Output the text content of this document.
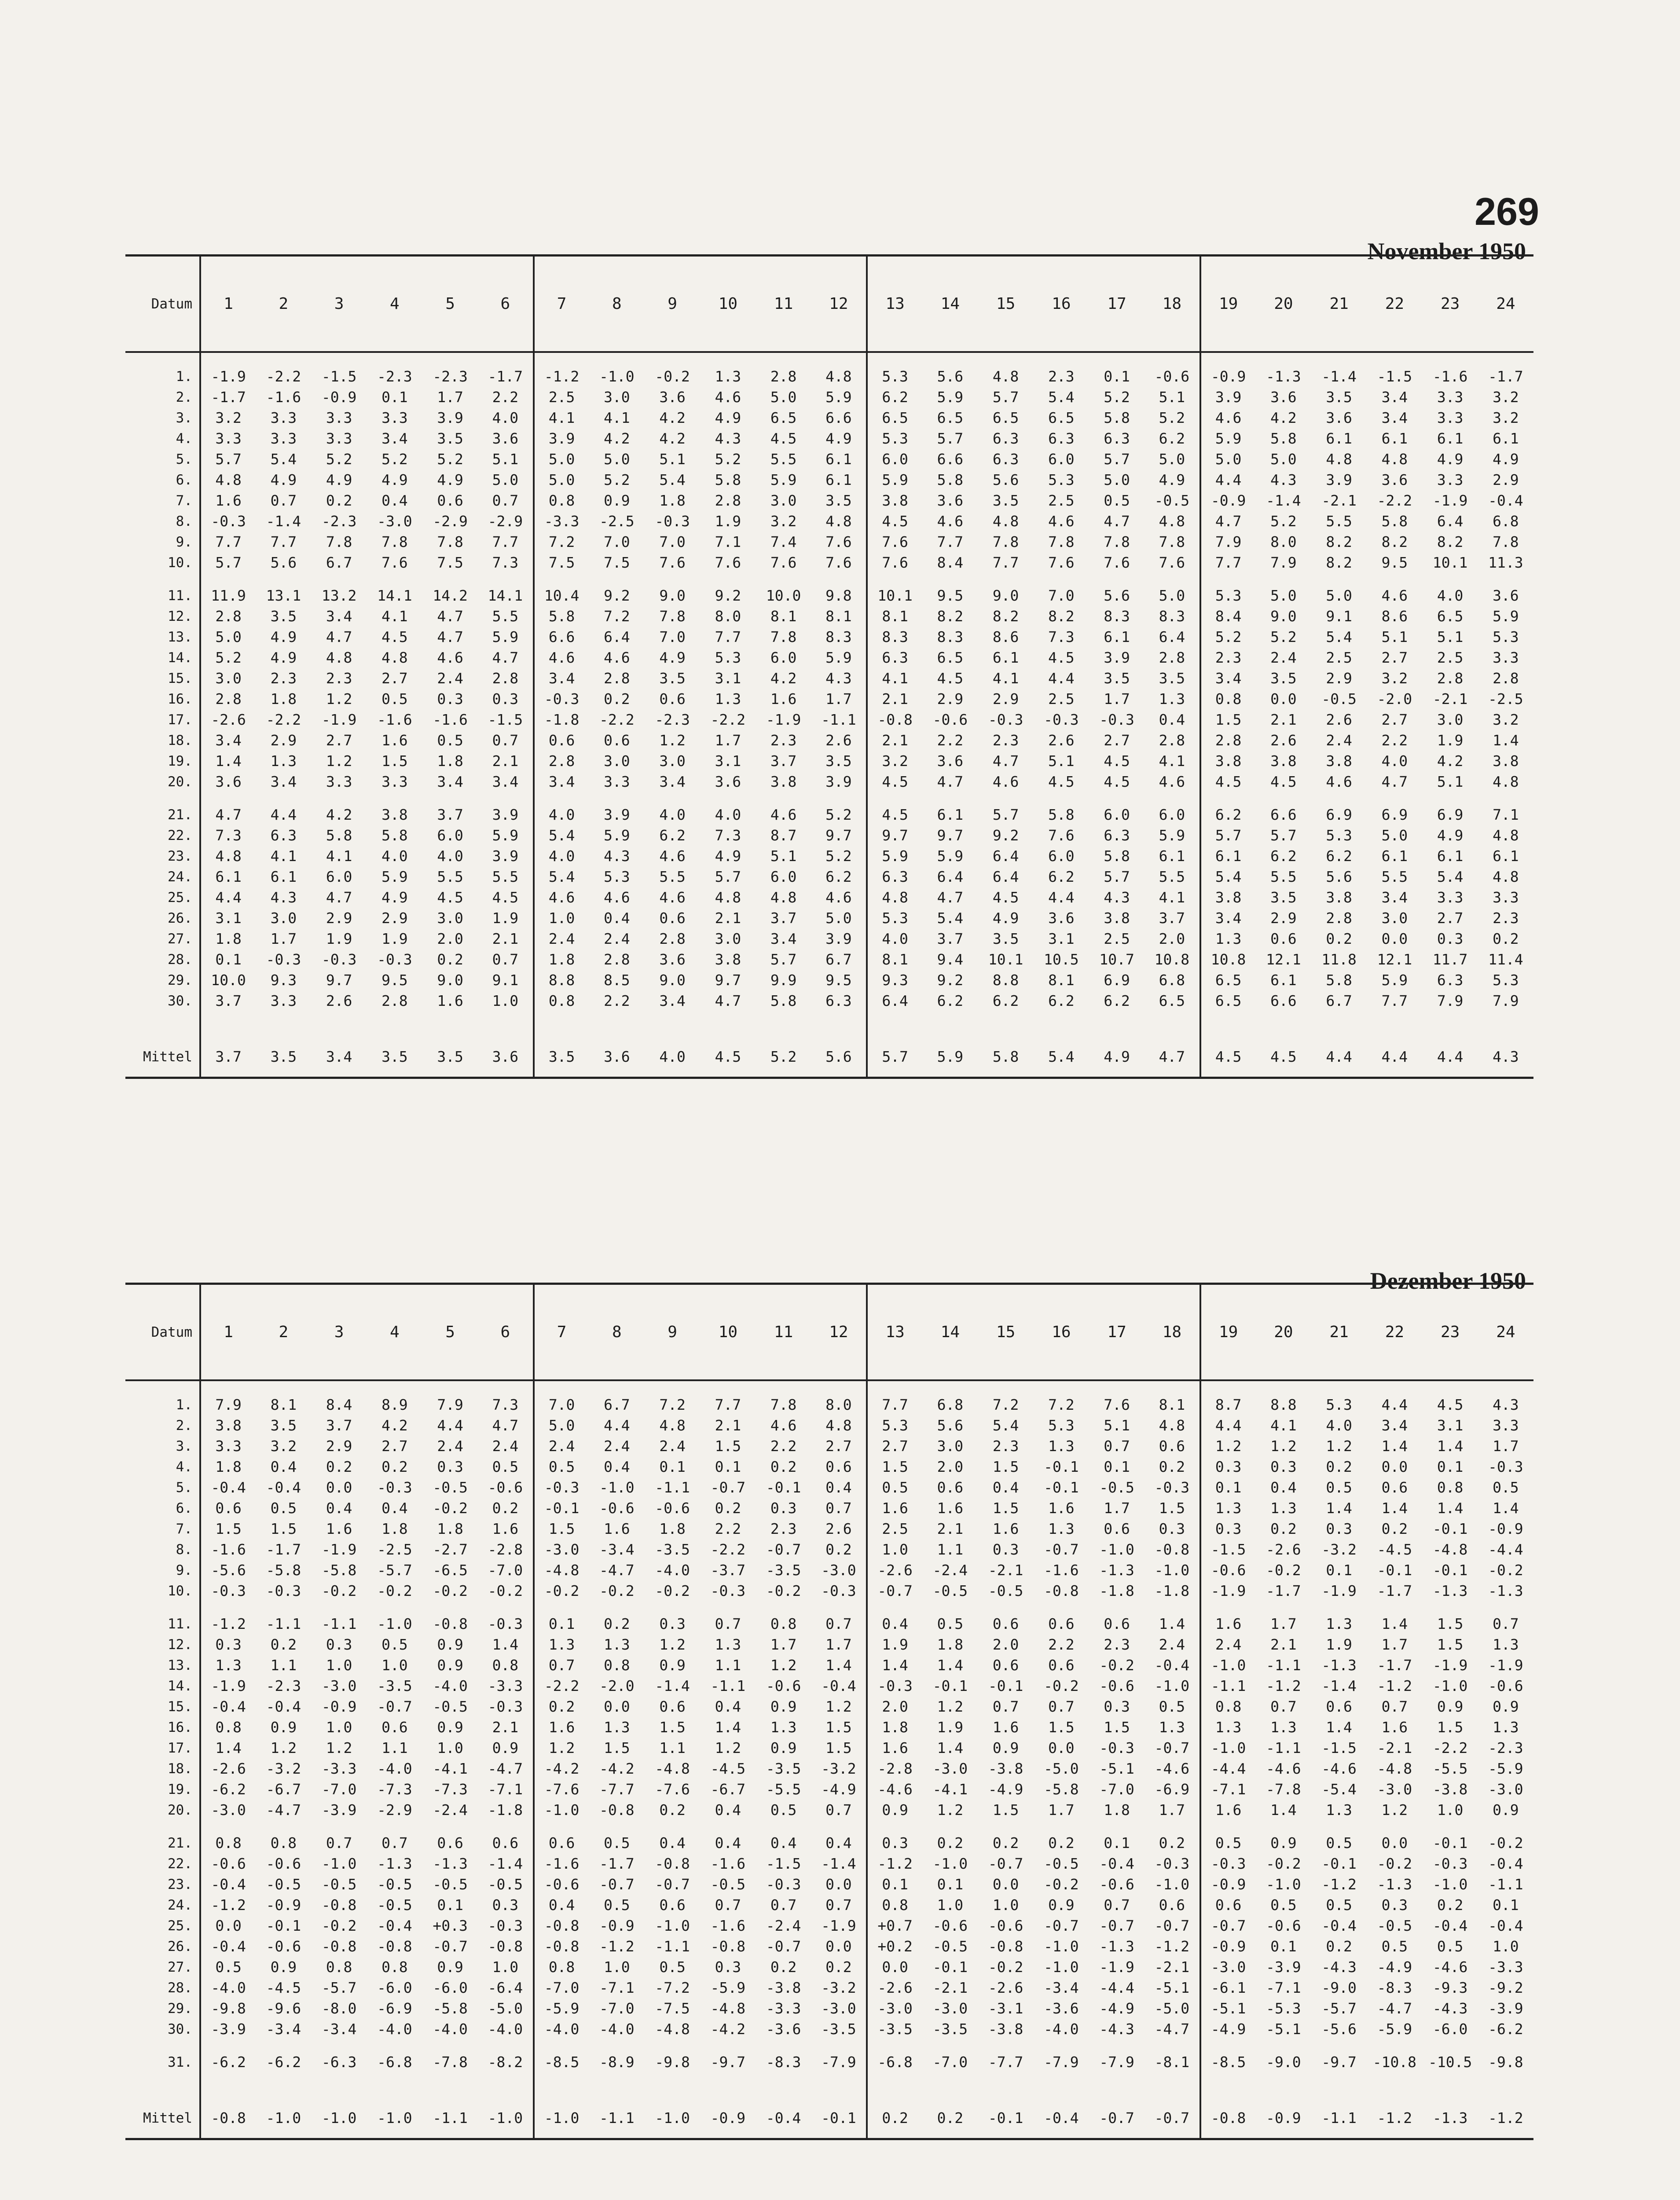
269
November 1950
Datum	1	2	3	4	5	6	7	8	9	10	11	12	13	14	15	16	17	18	19	20	21	22	23	24
1.	-1.9	-2.2	-1.5	-2.3	-2.3	-1.7	-1.2	-1.0	-0.2	1.3	2.8	4.8	5.3	5.6	4.8	2.3	0.1	-0.6	-0.9	-1.3	-1.4	-1.5	-1.6	-1.7
2.	-1.7	-1.6	-0.9	0.1	1.7	2.2	2.5	3.0	3.6	4.6	5.0	5.9	6.2	5.9	5.7	5.4	5.2	5.1	3.9	3.6	3.5	3.4	3.3	3.2
3.	3.2	3.3	3.3	3.3	3.9	4.0	4.1	4.1	4.2	4.9	6.5	6.6	6.5	6.5	6.5	6.5	5.8	5.2	4.6	4.2	3.6	3.4	3.3	3.2
4.	3.3	3.3	3.3	3.4	3.5	3.6	3.9	4.2	4.2	4.3	4.5	4.9	5.3	5.7	6.3	6.3	6.3	6.2	5.9	5.8	6.1	6.1	6.1	6.1
5.	5.7	5.4	5.2	5.2	5.2	5.1	5.0	5.0	5.1	5.2	5.5	6.1	6.0	6.6	6.3	6.0	5.7	5.0	5.0	5.0	4.8	4.8	4.9	4.9
6.	4.8	4.9	4.9	4.9	4.9	5.0	5.0	5.2	5.4	5.8	5.9	6.1	5.9	5.8	5.6	5.3	5.0	4.9	4.4	4.3	3.9	3.6	3.3	2.9
7.	1.6	0.7	0.2	0.4	0.6	0.7	0.8	0.9	1.8	2.8	3.0	3.5	3.8	3.6	3.5	2.5	0.5	-0.5	-0.9	-1.4	-2.1	-2.2	-1.9	-0.4
8.	-0.3	-1.4	-2.3	-3.0	-2.9	-2.9	-3.3	-2.5	-0.3	1.9	3.2	4.8	4.5	4.6	4.8	4.6	4.7	4.8	4.7	5.2	5.5	5.8	6.4	6.8
9.	7.7	7.7	7.8	7.8	7.8	7.7	7.2	7.0	7.0	7.1	7.4	7.6	7.6	7.7	7.8	7.8	7.8	7.8	7.9	8.0	8.2	8.2	8.2	7.8
10.	5.7	5.6	6.7	7.6	7.5	7.3	7.5	7.5	7.6	7.6	7.6	7.6	7.6	8.4	7.7	7.6	7.6	7.6	7.7	7.9	8.2	9.5	10.1	11.3
11.	11.9	13.1	13.2	14.1	14.2	14.1	10.4	9.2	9.0	9.2	10.0	9.8	10.1	9.5	9.0	7.0	5.6	5.0	5.3	5.0	5.0	4.6	4.0	3.6
12.	2.8	3.5	3.4	4.1	4.7	5.5	5.8	7.2	7.8	8.0	8.1	8.1	8.1	8.2	8.2	8.2	8.3	8.3	8.4	9.0	9.1	8.6	6.5	5.9
13.	5.0	4.9	4.7	4.5	4.7	5.9	6.6	6.4	7.0	7.7	7.8	8.3	8.3	8.3	8.6	7.3	6.1	6.4	5.2	5.2	5.4	5.1	5.1	5.3
14.	5.2	4.9	4.8	4.8	4.6	4.7	4.6	4.6	4.9	5.3	6.0	5.9	6.3	6.5	6.1	4.5	3.9	2.8	2.3	2.4	2.5	2.7	2.5	3.3
15.	3.0	2.3	2.3	2.7	2.4	2.8	3.4	2.8	3.5	3.1	4.2	4.3	4.1	4.5	4.1	4.4	3.5	3.5	3.4	3.5	2.9	3.2	2.8	2.8
16.	2.8	1.8	1.2	0.5	0.3	0.3	-0.3	0.2	0.6	1.3	1.6	1.7	2.1	2.9	2.9	2.5	1.7	1.3	0.8	0.0	-0.5	-2.0	-2.1	-2.5
17.	-2.6	-2.2	-1.9	-1.6	-1.6	-1.5	-1.8	-2.2	-2.3	-2.2	-1.9	-1.1	-0.8	-0.6	-0.3	-0.3	-0.3	0.4	1.5	2.1	2.6	2.7	3.0	3.2
18.	3.4	2.9	2.7	1.6	0.5	0.7	0.6	0.6	1.2	1.7	2.3	2.6	2.1	2.2	2.3	2.6	2.7	2.8	2.8	2.6	2.4	2.2	1.9	1.4
19.	1.4	1.3	1.2	1.5	1.8	2.1	2.8	3.0	3.0	3.1	3.7	3.5	3.2	3.6	4.7	5.1	4.5	4.1	3.8	3.8	3.8	4.0	4.2	3.8
20.	3.6	3.4	3.3	3.3	3.4	3.4	3.4	3.3	3.4	3.6	3.8	3.9	4.5	4.7	4.6	4.5	4.5	4.6	4.5	4.5	4.6	4.7	5.1	4.8
21.	4.7	4.4	4.2	3.8	3.7	3.9	4.0	3.9	4.0	4.0	4.6	5.2	4.5	6.1	5.7	5.8	6.0	6.0	6.2	6.6	6.9	6.9	6.9	7.1
22.	7.3	6.3	5.8	5.8	6.0	5.9	5.4	5.9	6.2	7.3	8.7	9.7	9.7	9.7	9.2	7.6	6.3	5.9	5.7	5.7	5.3	5.0	4.9	4.8
23.	4.8	4.1	4.1	4.0	4.0	3.9	4.0	4.3	4.6	4.9	5.1	5.2	5.9	5.9	6.4	6.0	5.8	6.1	6.1	6.2	6.2	6.1	6.1	6.1
24.	6.1	6.1	6.0	5.9	5.5	5.5	5.4	5.3	5.5	5.7	6.0	6.2	6.3	6.4	6.4	6.2	5.7	5.5	5.4	5.5	5.6	5.5	5.4	4.8
25.	4.4	4.3	4.7	4.9	4.5	4.5	4.6	4.6	4.6	4.8	4.8	4.6	4.8	4.7	4.5	4.4	4.3	4.1	3.8	3.5	3.8	3.4	3.3	3.3
26.	3.1	3.0	2.9	2.9	3.0	1.9	1.0	0.4	0.6	2.1	3.7	5.0	5.3	5.4	4.9	3.6	3.8	3.7	3.4	2.9	2.8	3.0	2.7	2.3
27.	1.8	1.7	1.9	1.9	2.0	2.1	2.4	2.4	2.8	3.0	3.4	3.9	4.0	3.7	3.5	3.1	2.5	2.0	1.3	0.6	0.2	0.0	0.3	0.2
28.	0.1	-0.3	-0.3	-0.3	0.2	0.7	1.8	2.8	3.6	3.8	5.7	6.7	8.1	9.4	10.1	10.5	10.7	10.8	10.8	12.1	11.8	12.1	11.7	11.4
29.	10.0	9.3	9.7	9.5	9.0	9.1	8.8	8.5	9.0	9.7	9.9	9.5	9.3	9.2	8.8	8.1	6.9	6.8	6.5	6.1	5.8	5.9	6.3	5.3
30.	3.7	3.3	2.6	2.8	1.6	1.0	0.8	2.2	3.4	4.7	5.8	6.3	6.4	6.2	6.2	6.2	6.2	6.5	6.5	6.6	6.7	7.7	7.9	7.9
Mittel	3.7	3.5	3.4	3.5	3.5	3.6	3.5	3.6	4.0	4.5	5.2	5.6	5.7	5.9	5.8	5.4	4.9	4.7	4.5	4.5	4.4	4.4	4.4	4.3
Dezember 1950
Datum	1	2	3	4	5	6	7	8	9	10	11	12	13	14	15	16	17	18	19	20	21	22	23	24
1.	7.9	8.1	8.4	8.9	7.9	7.3	7.0	6.7	7.2	7.7	7.8	8.0	7.7	6.8	7.2	7.2	7.6	8.1	8.7	8.8	5.3	4.4	4.5	4.3
2.	3.8	3.5	3.7	4.2	4.4	4.7	5.0	4.4	4.8	2.1	4.6	4.8	5.3	5.6	5.4	5.3	5.1	4.8	4.4	4.1	4.0	3.4	3.1	3.3
3.	3.3	3.2	2.9	2.7	2.4	2.4	2.4	2.4	2.4	1.5	2.2	2.7	2.7	3.0	2.3	1.3	0.7	0.6	1.2	1.2	1.2	1.4	1.4	1.7
4.	1.8	0.4	0.2	0.2	0.3	0.5	0.5	0.4	0.1	0.1	0.2	0.6	1.5	2.0	1.5	-0.1	0.1	0.2	0.3	0.3	0.2	0.0	0.1	-0.3
5.	-0.4	-0.4	0.0	-0.3	-0.5	-0.6	-0.3	-1.0	-1.1	-0.7	-0.1	0.4	0.5	0.6	0.4	-0.1	-0.5	-0.3	0.1	0.4	0.5	0.6	0.8	0.5
6.	0.6	0.5	0.4	0.4	-0.2	0.2	-0.1	-0.6	-0.6	0.2	0.3	0.7	1.6	1.6	1.5	1.6	1.7	1.5	1.3	1.3	1.4	1.4	1.4	1.4
7.	1.5	1.5	1.6	1.8	1.8	1.6	1.5	1.6	1.8	2.2	2.3	2.6	2.5	2.1	1.6	1.3	0.6	0.3	0.3	0.2	0.3	0.2	-0.1	-0.9
8.	-1.6	-1.7	-1.9	-2.5	-2.7	-2.8	-3.0	-3.4	-3.5	-2.2	-0.7	0.2	1.0	1.1	0.3	-0.7	-1.0	-0.8	-1.5	-2.6	-3.2	-4.5	-4.8	-4.4
9.	-5.6	-5.8	-5.8	-5.7	-6.5	-7.0	-4.8	-4.7	-4.0	-3.7	-3.5	-3.0	-2.6	-2.4	-2.1	-1.6	-1.3	-1.0	-0.6	-0.2	0.1	-0.1	-0.1	-0.2
10.	-0.3	-0.3	-0.2	-0.2	-0.2	-0.2	-0.2	-0.2	-0.2	-0.3	-0.2	-0.3	-0.7	-0.5	-0.5	-0.8	-1.8	-1.8	-1.9	-1.7	-1.9	-1.7	-1.3	-1.3
11.	-1.2	-1.1	-1.1	-1.0	-0.8	-0.3	0.1	0.2	0.3	0.7	0.8	0.7	0.4	0.5	0.6	0.6	0.6	1.4	1.6	1.7	1.3	1.4	1.5	0.7
12.	0.3	0.2	0.3	0.5	0.9	1.4	1.3	1.3	1.2	1.3	1.7	1.7	1.9	1.8	2.0	2.2	2.3	2.4	2.4	2.1	1.9	1.7	1.5	1.3
13.	1.3	1.1	1.0	1.0	0.9	0.8	0.7	0.8	0.9	1.1	1.2	1.4	1.4	1.4	0.6	0.6	-0.2	-0.4	-1.0	-1.1	-1.3	-1.7	-1.9	-1.9
14.	-1.9	-2.3	-3.0	-3.5	-4.0	-3.3	-2.2	-2.0	-1.4	-1.1	-0.6	-0.4	-0.3	-0.1	-0.1	-0.2	-0.6	-1.0	-1.1	-1.2	-1.4	-1.2	-1.0	-0.6
15.	-0.4	-0.4	-0.9	-0.7	-0.5	-0.3	0.2	0.0	0.6	0.4	0.9	1.2	2.0	1.2	0.7	0.7	0.3	0.5	0.8	0.7	0.6	0.7	0.9	0.9
16.	0.8	0.9	1.0	0.6	0.9	2.1	1.6	1.3	1.5	1.4	1.3	1.5	1.8	1.9	1.6	1.5	1.5	1.3	1.3	1.3	1.4	1.6	1.5	1.3
17.	1.4	1.2	1.2	1.1	1.0	0.9	1.2	1.5	1.1	1.2	0.9	1.5	1.6	1.4	0.9	0.0	-0.3	-0.7	-1.0	-1.1	-1.5	-2.1	-2.2	-2.3
18.	-2.6	-3.2	-3.3	-4.0	-4.1	-4.7	-4.2	-4.2	-4.8	-4.5	-3.5	-3.2	-2.8	-3.0	-3.8	-5.0	-5.1	-4.6	-4.4	-4.6	-4.6	-4.8	-5.5	-5.9
19.	-6.2	-6.7	-7.0	-7.3	-7.3	-7.1	-7.6	-7.7	-7.6	-6.7	-5.5	-4.9	-4.6	-4.1	-4.9	-5.8	-7.0	-6.9	-7.1	-7.8	-5.4	-3.0	-3.8	-3.0
20.	-3.0	-4.7	-3.9	-2.9	-2.4	-1.8	-1.0	-0.8	0.2	0.4	0.5	0.7	0.9	1.2	1.5	1.7	1.8	1.7	1.6	1.4	1.3	1.2	1.0	0.9
21.	0.8	0.8	0.7	0.7	0.6	0.6	0.6	0.5	0.4	0.4	0.4	0.4	0.3	0.2	0.2	0.2	0.1	0.2	0.5	0.9	0.5	0.0	-0.1	-0.2
22.	-0.6	-0.6	-1.0	-1.3	-1.3	-1.4	-1.6	-1.7	-0.8	-1.6	-1.5	-1.4	-1.2	-1.0	-0.7	-0.5	-0.4	-0.3	-0.3	-0.2	-0.1	-0.2	-0.3	-0.4
23.	-0.4	-0.5	-0.5	-0.5	-0.5	-0.5	-0.6	-0.7	-0.7	-0.5	-0.3	0.0	0.1	0.1	0.0	-0.2	-0.6	-1.0	-0.9	-1.0	-1.2	-1.3	-1.0	-1.1
24.	-1.2	-0.9	-0.8	-0.5	0.1	0.3	0.4	0.5	0.6	0.7	0.7	0.7	0.8	1.0	1.0	0.9	0.7	0.6	0.6	0.5	0.5	0.3	0.2	0.1
25.	0.0	-0.1	-0.2	-0.4	+0.3	-0.3	-0.8	-0.9	-1.0	-1.6	-2.4	-1.9	+0.7	-0.6	-0.6	-0.7	-0.7	-0.7	-0.7	-0.6	-0.4	-0.5	-0.4	-0.4
26.	-0.4	-0.6	-0.8	-0.8	-0.7	-0.8	-0.8	-1.2	-1.1	-0.8	-0.7	0.0	+0.2	-0.5	-0.8	-1.0	-1.3	-1.2	-0.9	0.1	0.2	0.5	0.5	1.0
27.	0.5	0.9	0.8	0.8	0.9	1.0	0.8	1.0	0.5	0.3	0.2	0.2	0.0	-0.1	-0.2	-1.0	-1.9	-2.1	-3.0	-3.9	-4.3	-4.9	-4.6	-3.3
28.	-4.0	-4.5	-5.7	-6.0	-6.0	-6.4	-7.0	-7.1	-7.2	-5.9	-3.8	-3.2	-2.6	-2.1	-2.6	-3.4	-4.4	-5.1	-6.1	-7.1	-9.0	-8.3	-9.3	-9.2
29.	-9.8	-9.6	-8.0	-6.9	-5.8	-5.0	-5.9	-7.0	-7.5	-4.8	-3.3	-3.0	-3.0	-3.0	-3.1	-3.6	-4.9	-5.0	-5.1	-5.3	-5.7	-4.7	-4.3	-3.9
30.	-3.9	-3.4	-3.4	-4.0	-4.0	-4.0	-4.0	-4.0	-4.8	-4.2	-3.6	-3.5	-3.5	-3.5	-3.8	-4.0	-4.3	-4.7	-4.9	-5.1	-5.6	-5.9	-6.0	-6.2
31.	-6.2	-6.2	-6.3	-6.8	-7.8	-8.2	-8.5	-8.9	-9.8	-9.7	-8.3	-7.9	-6.8	-7.0	-7.7	-7.9	-7.9	-8.1	-8.5	-9.0	-9.7	-10.8	-10.5	-9.8
Mittel	-0.8	-1.0	-1.0	-1.0	-1.1	-1.0	-1.0	-1.1	-1.0	-0.9	-0.4	-0.1	0.2	0.2	-0.1	-0.4	-0.7	-0.7	-0.8	-0.9	-1.1	-1.2	-1.3	-1.2
